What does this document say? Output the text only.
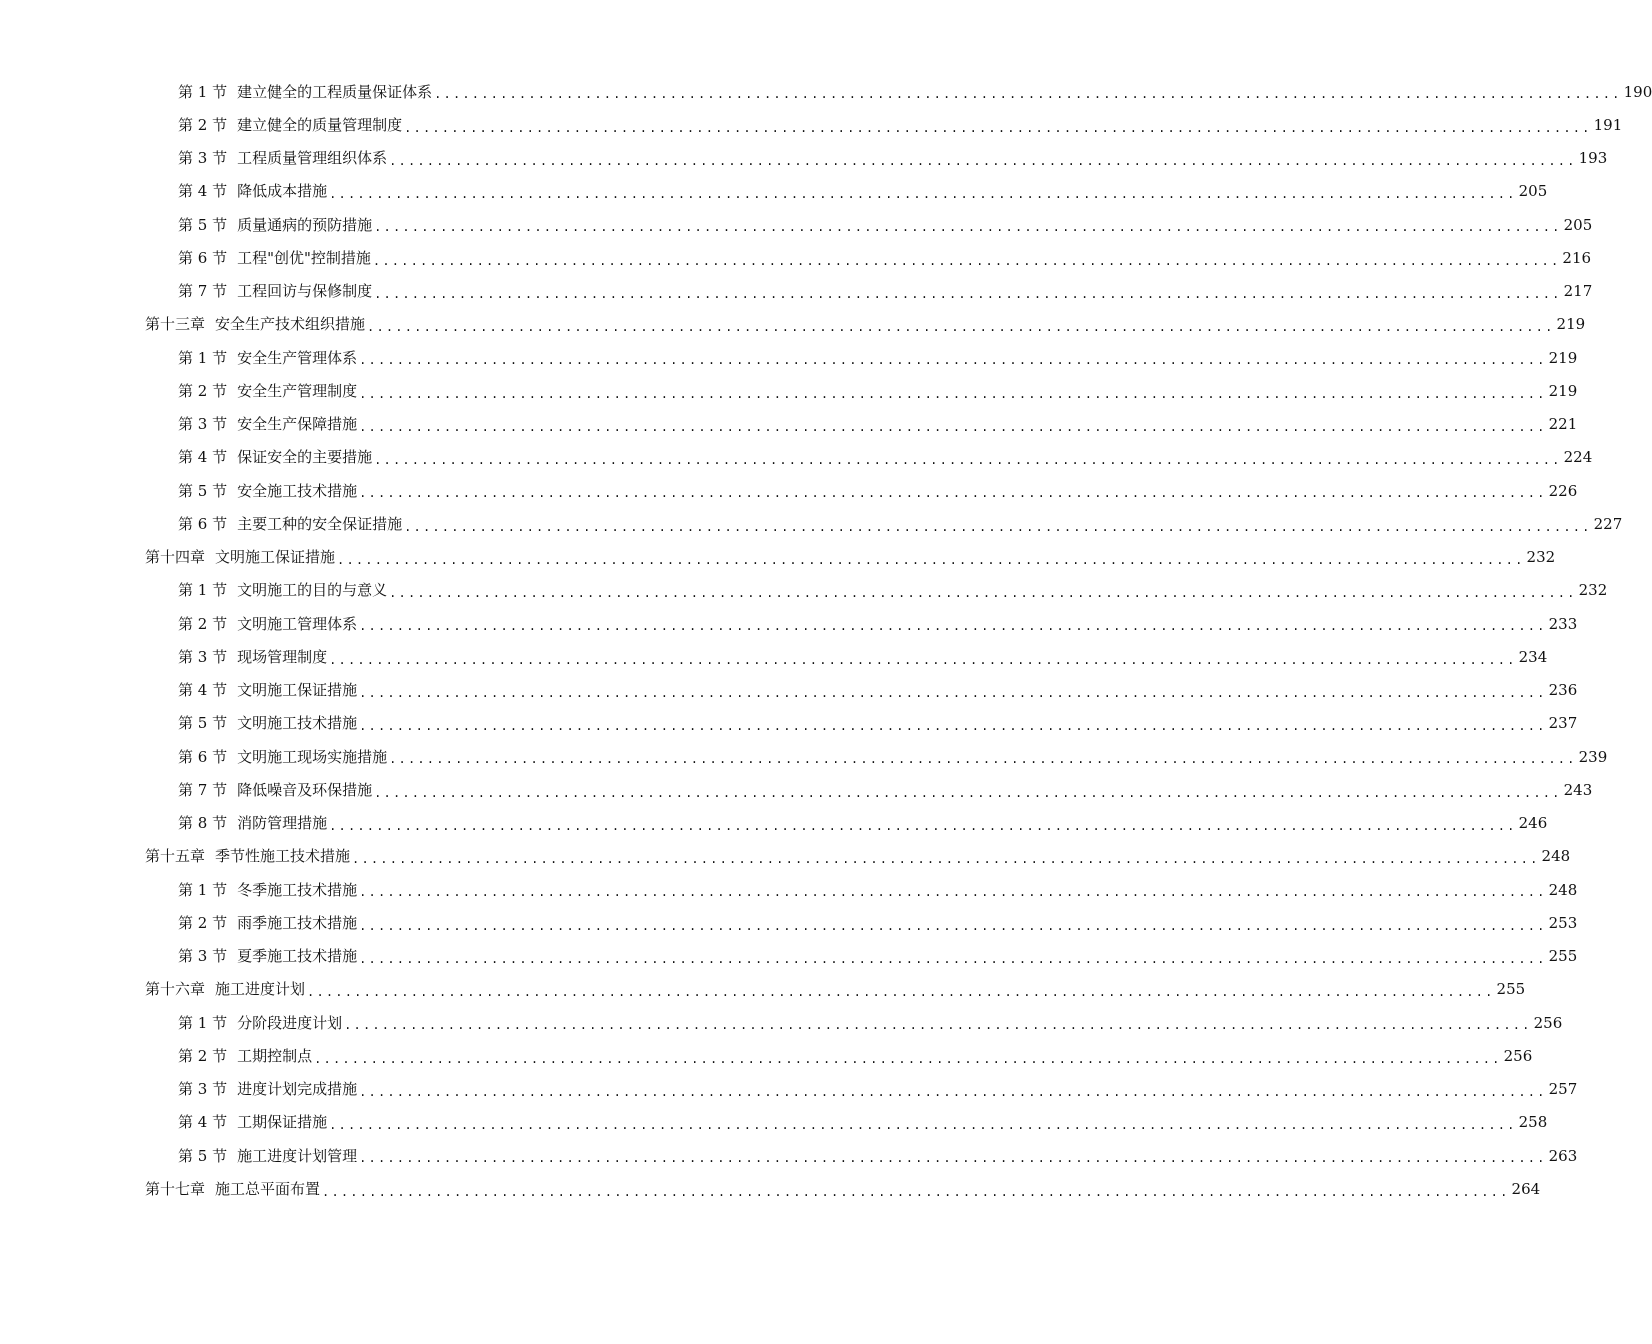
第 1 节 建立健全的工程质量保证体系 .............................................................................................................................. 190
第 2 节 建立健全的质量管理制度 .............................................................................................................................. 191
第 3 节 工程质量管理组织体系 .............................................................................................................................. 193
第 4 节 降低成本措施 .............................................................................................................................. 205
第 5 节 质量通病的预防措施 .............................................................................................................................. 205
第 6 节 工程"创优"控制措施 .............................................................................................................................. 216
第 7 节 工程回访与保修制度 .............................................................................................................................. 217
第十三章 安全生产技术组织措施 .............................................................................................................................. 219
第 1 节 安全生产管理体系 .............................................................................................................................. 219
第 2 节 安全生产管理制度 .............................................................................................................................. 219
第 3 节 安全生产保障措施 .............................................................................................................................. 221
第 4 节 保证安全的主要措施 .............................................................................................................................. 224
第 5 节 安全施工技术措施 .............................................................................................................................. 226
第 6 节 主要工种的安全保证措施 .............................................................................................................................. 227
第十四章 文明施工保证措施 .............................................................................................................................. 232
第 1 节 文明施工的目的与意义 .............................................................................................................................. 232
第 2 节 文明施工管理体系 .............................................................................................................................. 233
第 3 节 现场管理制度 .............................................................................................................................. 234
第 4 节 文明施工保证措施 .............................................................................................................................. 236
第 5 节 文明施工技术措施 .............................................................................................................................. 237
第 6 节 文明施工现场实施措施 .............................................................................................................................. 239
第 7 节 降低噪音及环保措施 .............................................................................................................................. 243
第 8 节 消防管理措施 .............................................................................................................................. 246
第十五章 季节性施工技术措施 .............................................................................................................................. 248
第 1 节 冬季施工技术措施 .............................................................................................................................. 248
第 2 节 雨季施工技术措施 .............................................................................................................................. 253
第 3 节 夏季施工技术措施 .............................................................................................................................. 255
第十六章 施工进度计划 .............................................................................................................................. 255
第 1 节 分阶段进度计划 .............................................................................................................................. 256
第 2 节 工期控制点 .............................................................................................................................. 256
第 3 节 进度计划完成措施 .............................................................................................................................. 257
第 4 节 工期保证措施 .............................................................................................................................. 258
第 5 节 施工进度计划管理 .............................................................................................................................. 263
第十七章 施工总平面布置 .............................................................................................................................. 264
